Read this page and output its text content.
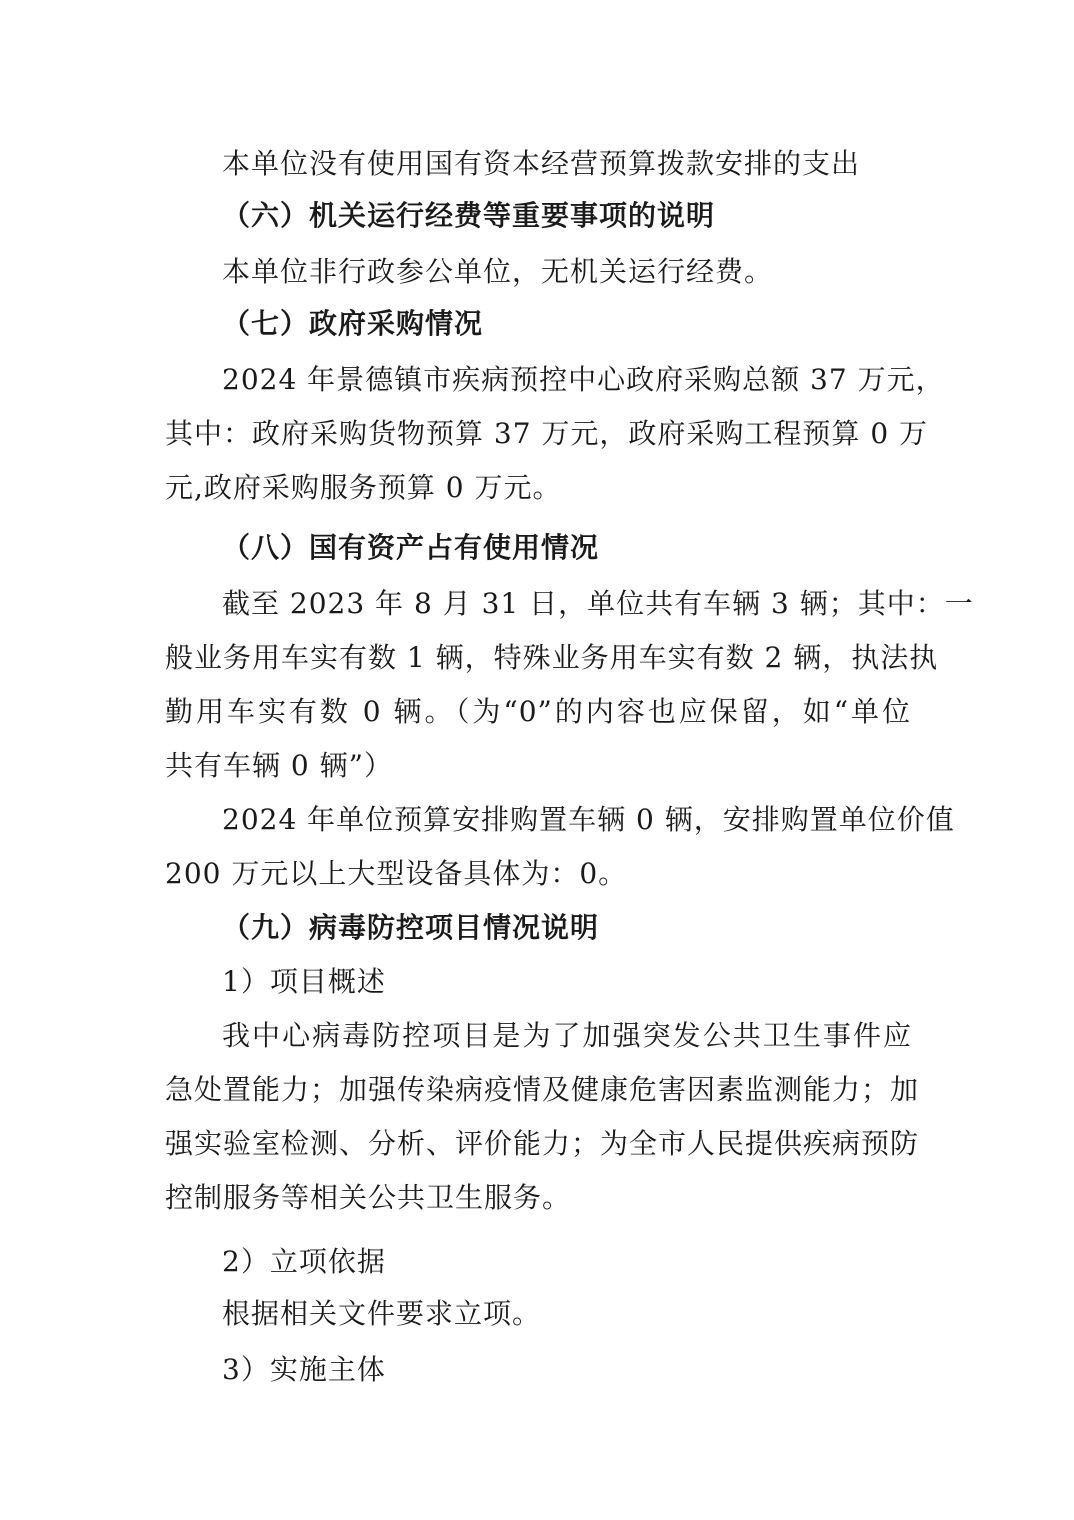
本单位没有使用国有资本经营预算拨款安排的支出
（六）机关运行经费等重要事项的说明
本单位非行政参公单位，无机关运行经费。
（七）政府采购情况
2024 年景德镇市疾病预控中心政府采购总额 37 万元，
其中：政府采购货物预算 37 万元，政府采购工程预算 0 万
元,政府采购服务预算 0 万元。
（八）国有资产占有使用情况
截至 2023 年 8 月 31 日，单位共有车辆 3 辆；其中：一
般业务用车实有数 1 辆，特殊业务用车实有数 2 辆，执法执
勤用车实有数 0 辆。（为“0”的内容也应保留，如“单位
共有车辆 0 辆”）
2024 年单位预算安排购置车辆 0 辆，安排购置单位价值
200 万元以上大型设备具体为：0。
（九）病毒防控项目情况说明
1）项目概述
我中心病毒防控项目是为了加强突发公共卫生事件应
急处置能力；加强传染病疫情及健康危害因素监测能力；加
强实验室检测、分析、评价能力；为全市人民提供疾病预防
控制服务等相关公共卫生服务。
2）立项依据
根据相关文件要求立项。
3）实施主体
